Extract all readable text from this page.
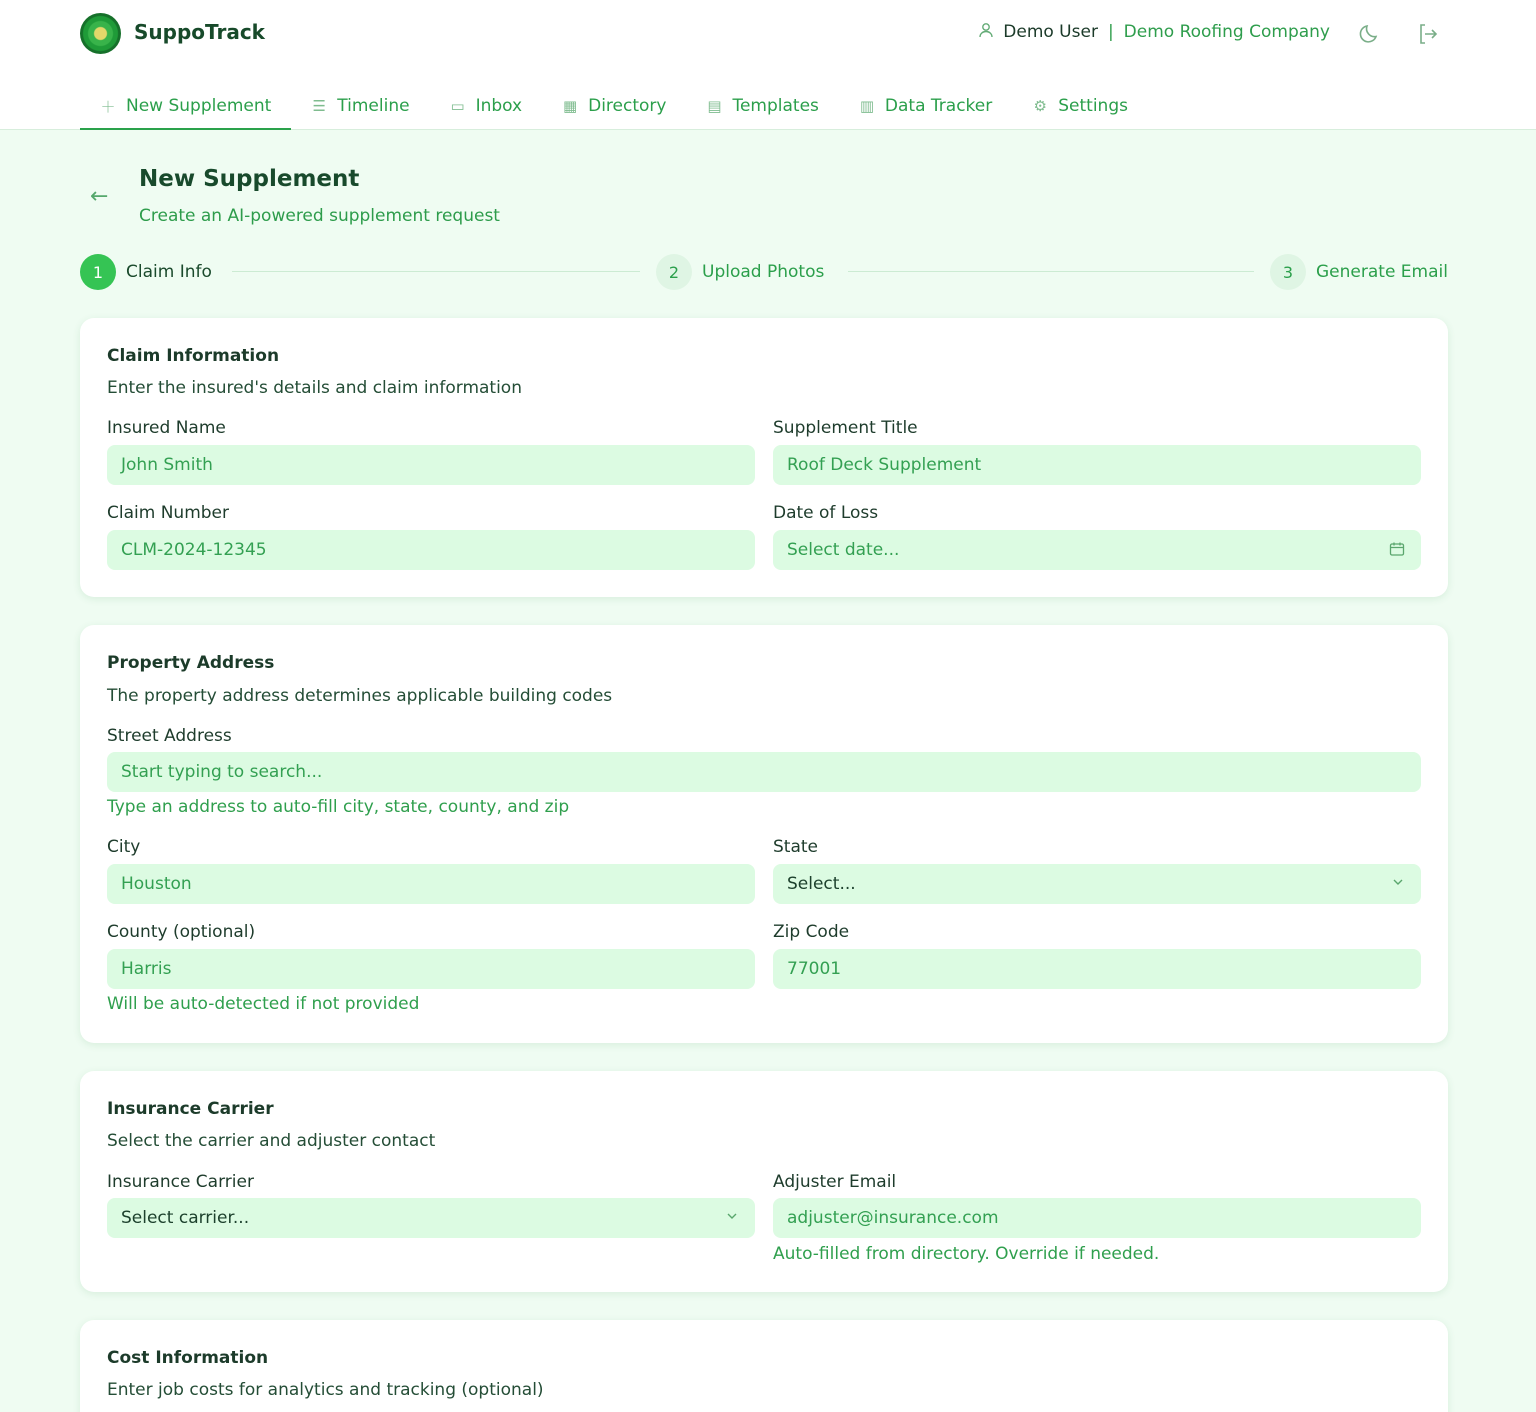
SuppoTrack	Demo User | Demo Roofing Company
＋ New Supplement	☰ Timeline	▭ Inbox	▦ Directory	▤ Templates	▥ Data Tracker	⚙ Settings
←
New Supplement

Create an AI-powered supplement request

1	Claim Info	2	Upload Photos	3	Generate Email
Claim Information

Enter the insured's details and claim information

Insured Name
John Smith
Supplement Title
Roof Deck Supplement
Claim Number
CLM-2024-12345
Date of Loss
Select date...
Property Address

The property address determines applicable building codes

Street Address
Start typing to search...

Type an address to auto-fill city, state, county, and zip

City
Houston
State
Select...
County (optional)
Harris

Will be auto-detected if not provided

Zip Code
77001
Insurance Carrier

Select the carrier and adjuster contact

Insurance Carrier
Select carrier...
Adjuster Email
adjuster@insurance.com

Auto-filled from directory. Override if needed.

Cost Information

Enter job costs for analytics and tracking (optional)
